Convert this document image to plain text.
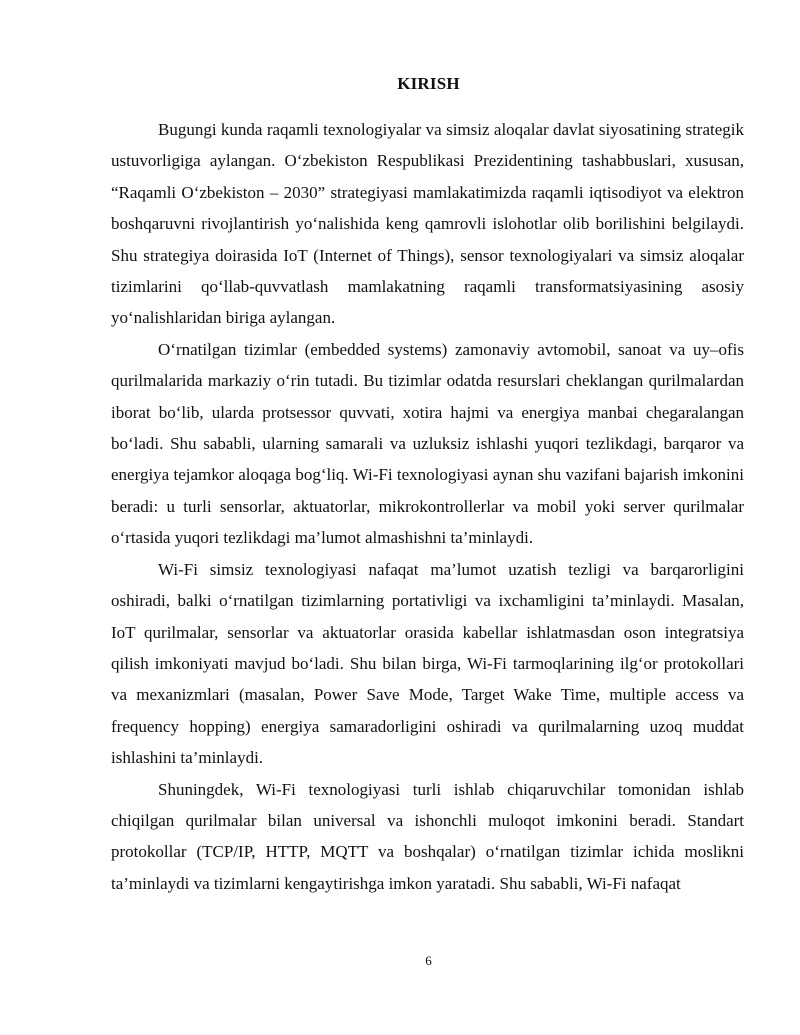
KIRISH

Bugungi kunda raqamli texnologiyalar va simsiz aloqalar davlat siyosatining strategik ustuvorligiga aylangan. O‘zbekiston Respublikasi Prezidentining tashabbuslari, xususan, “Raqamli O‘zbekiston – 2030” strategiyasi mamlakatimizda raqamli iqtisodiyot va elektron boshqaruvni rivojlantirish yo‘nalishida keng qamrovli islohotlar olib borilishini belgilaydi. Shu strategiya doirasida IoT (Internet of Things), sensor texnologiyalari va simsiz aloqalar tizimlarini qo‘llab-quvvatlash mamlakatning raqamli transformatsiyasining asosiy yo‘nalishlaridan biriga aylangan.

O‘rnatilgan tizimlar (embedded systems) zamonaviy avtomobil, sanoat va uy–ofis qurilmalarida markaziy o‘rin tutadi. Bu tizimlar odatda resurslari cheklangan qurilmalardan iborat bo‘lib, ularda protsessor quvvati, xotira hajmi va energiya manbai chegaralangan bo‘ladi. Shu sababli, ularning samarali va uzluksiz ishlashi yuqori tezlikdagi, barqaror va energiya tejamkor aloqaga bog‘liq. Wi-Fi texnologiyasi aynan shu vazifani bajarish imkonini beradi: u turli sensorlar, aktuatorlar, mikrokontrollerlar va mobil yoki server qurilmalar o‘rtasida yuqori tezlikdagi ma’lumot almashishni ta’minlaydi.

Wi-Fi simsiz texnologiyasi nafaqat ma’lumot uzatish tezligi va barqarorligini oshiradi, balki o‘rnatilgan tizimlarning portativligi va ixchamligini ta’minlaydi. Masalan, IoT qurilmalar, sensorlar va aktuatorlar orasida kabellar ishlatmasdan oson integratsiya qilish imkoniyati mavjud bo‘ladi. Shu bilan birga, Wi-Fi tarmoqlarining ilg‘or protokollari va mexanizmlari (masalan, Power Save Mode, Target Wake Time, multiple access va frequency hopping) energiya samaradorligini oshiradi va qurilmalarning uzoq muddat ishlashini ta’minlaydi.

Shuningdek, Wi-Fi texnologiyasi turli ishlab chiqaruvchilar tomonidan ishlab chiqilgan qurilmalar bilan universal va ishonchli muloqot imkonini beradi. Standart protokollar (TCP/IP, HTTP, MQTT va boshqalar) o‘rnatilgan tizimlar ichida moslikni ta’minlaydi va tizimlarni kengaytirishga imkon yaratadi. Shu sababli, Wi-Fi nafaqat

6
